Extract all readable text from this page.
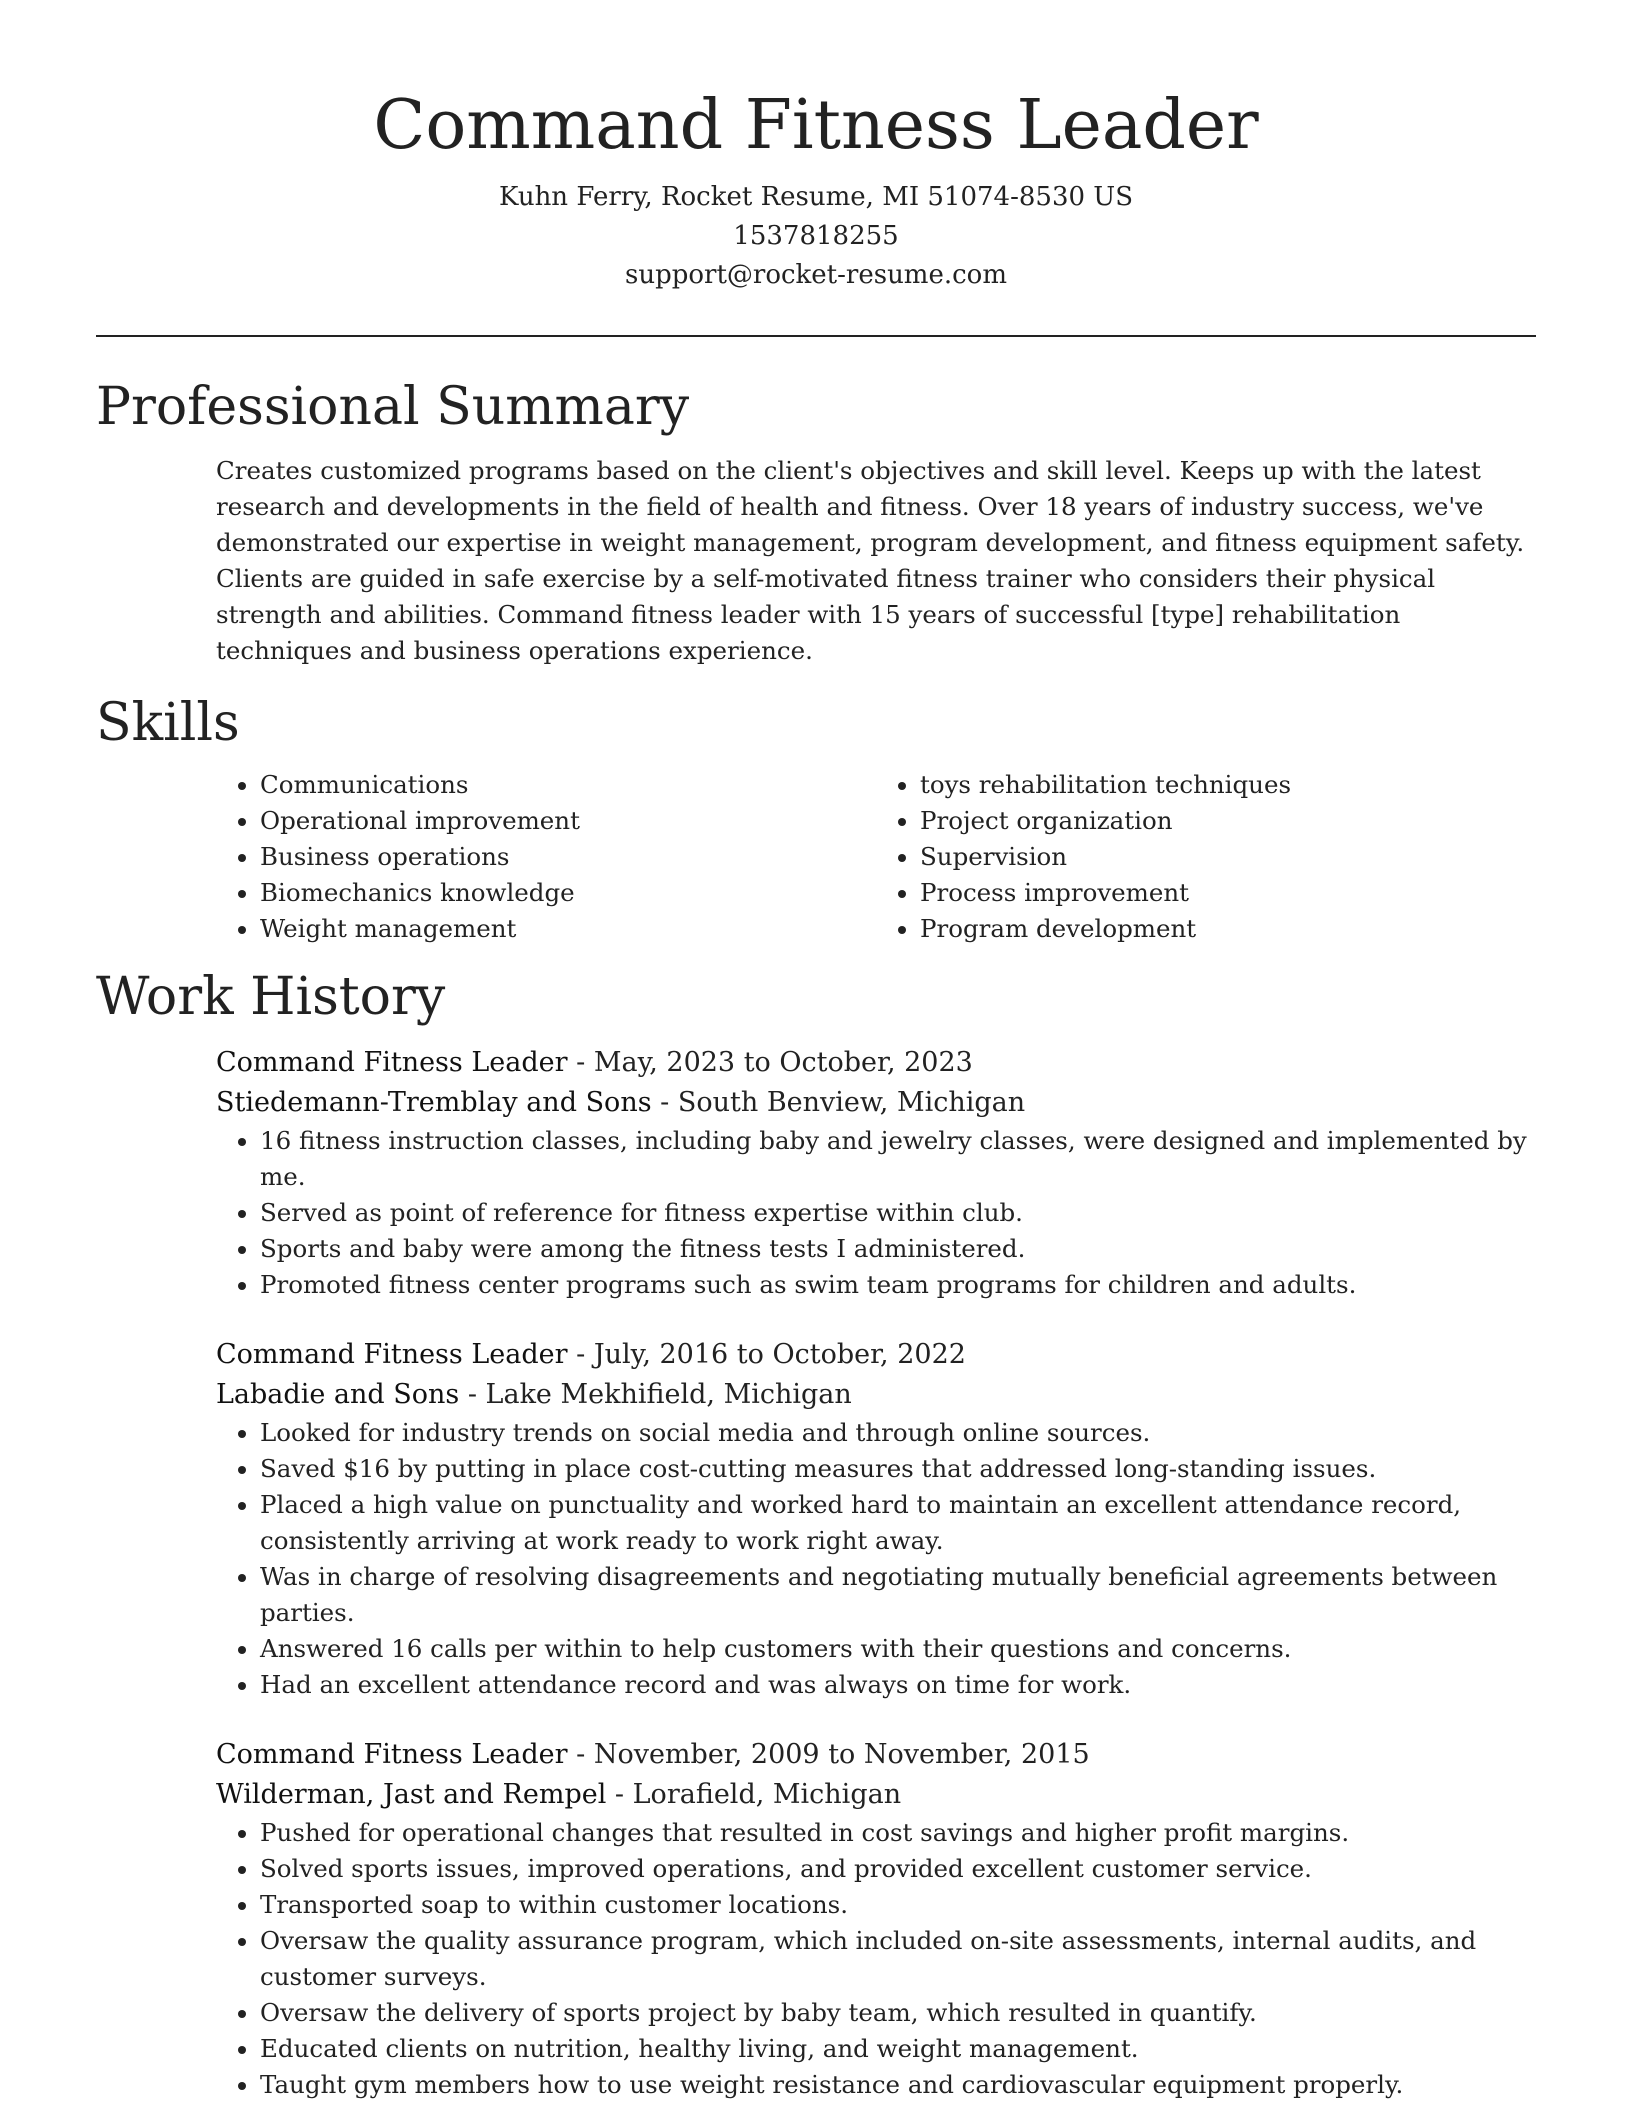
Command Fitness Leader
Kuhn Ferry, Rocket Resume, MI 51074-8530 US
1537818255
support@rocket-resume.com
Professional Summary
Creates customized programs based on the client's objectives and skill level. Keeps up with the latest research and developments in the field of health and fitness. Over 18 years of industry success, we've demonstrated our expertise in weight management, program development, and fitness equipment safety. Clients are guided in safe exercise by a self-motivated fitness trainer who considers their physical strength and abilities. Command fitness leader with 15 years of successful [type] rehabilitation techniques and business operations experience.
Skills
• Communications
• Operational improvement
• Business operations
• Biomechanics knowledge
• Weight management
• toys rehabilitation techniques
• Project organization
• Supervision
• Process improvement
• Program development
Work History
Command Fitness Leader - May, 2023 to October, 2023
Stiedemann-Tremblay and Sons - South Benview, Michigan
• 16 fitness instruction classes, including baby and jewelry classes, were designed and implemented by me.
• Served as point of reference for fitness expertise within club.
• Sports and baby were among the fitness tests I administered.
• Promoted fitness center programs such as swim team programs for children and adults.
Command Fitness Leader - July, 2016 to October, 2022
Labadie and Sons - Lake Mekhifield, Michigan
• Looked for industry trends on social media and through online sources.
• Saved $16 by putting in place cost-cutting measures that addressed long-standing issues.
• Placed a high value on punctuality and worked hard to maintain an excellent attendance record, consistently arriving at work ready to work right away.
• Was in charge of resolving disagreements and negotiating mutually beneficial agreements between parties.
• Answered 16 calls per within to help customers with their questions and concerns.
• Had an excellent attendance record and was always on time for work.
Command Fitness Leader - November, 2009 to November, 2015
Wilderman, Jast and Rempel - Lorafield, Michigan
• Pushed for operational changes that resulted in cost savings and higher profit margins.
• Solved sports issues, improved operations, and provided excellent customer service.
• Transported soap to within customer locations.
• Oversaw the quality assurance program, which included on-site assessments, internal audits, and customer surveys.
• Oversaw the delivery of sports project by baby team, which resulted in quantify.
• Educated clients on nutrition, healthy living, and weight management.
• Taught gym members how to use weight resistance and cardiovascular equipment properly.
